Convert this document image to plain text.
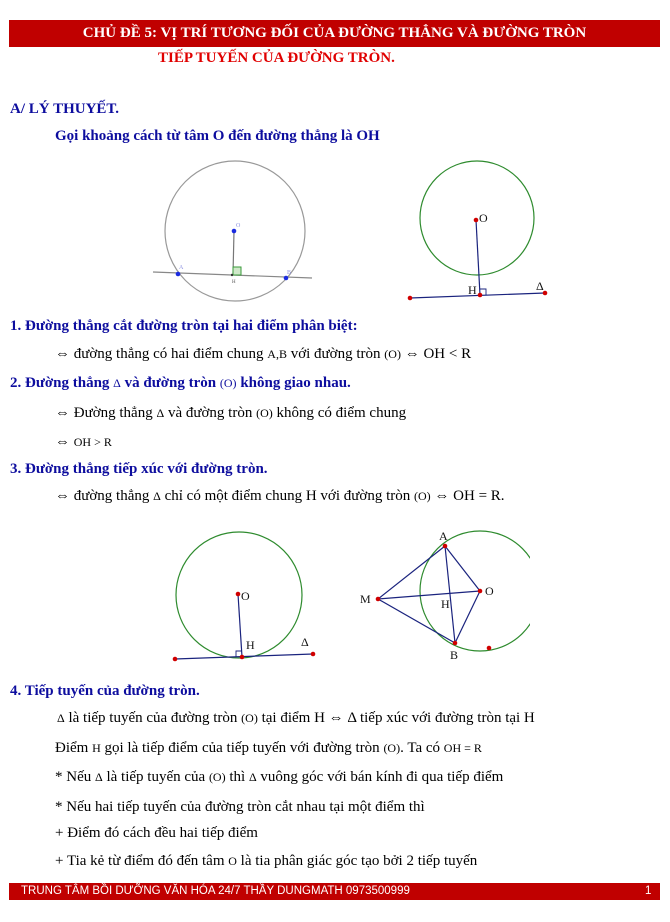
CHỦ ĐỀ 5: VỊ TRÍ TƯƠNG ĐỐI CỦA ĐƯỜNG THẲNG VÀ ĐƯỜNG TRÒN
TIẾP TUYẾN CỦA ĐƯỜNG TRÒN.
A/ LÝ THUYẾT.
Gọi khoảng cách từ tâm O đến đường thẳng là OH
O
A
B
H
O
H	Δ
1. Đường thẳng cắt đường tròn tại hai điểm phân biệt:
⇔ đường thẳng có hai điểm chung A,B với đường tròn (O) ⇔ OH < R
2. Đường thẳng Δ và đường tròn (O) không giao nhau.
⇔ Đường thẳng Δ và đường tròn (O) không có điểm chung
⇔ OH > R
3. Đường thẳng tiếp xúc với đường tròn.
⇔ đường thẳng Δ chỉ có một điểm chung H với đường tròn (O) ⇔ OH = R.
O
H	Δ
A
M
O
H
B
4. Tiếp tuyến của đường tròn.
Δ là tiếp tuyến của đường tròn (O) tại điểm H ⇔ Δ tiếp xúc với đường tròn tại H
Điểm H gọi là tiếp điểm của tiếp tuyến với đường tròn (O). Ta có OH = R
* Nếu Δ là tiếp tuyến của (O) thì Δ vuông góc với bán kính đi qua tiếp điểm
* Nếu hai tiếp tuyến của đường tròn cắt nhau tại một điểm thì
+ Điểm đó cách đều hai tiếp điểm
+ Tia kẻ từ điểm đó đến tâm O là tia phân giác góc tạo bởi 2 tiếp tuyến
TRUNG TÂM BỒI DƯỠNG VĂN HÓA 24/7 THẦY DUNGMATH 0973500999	1
